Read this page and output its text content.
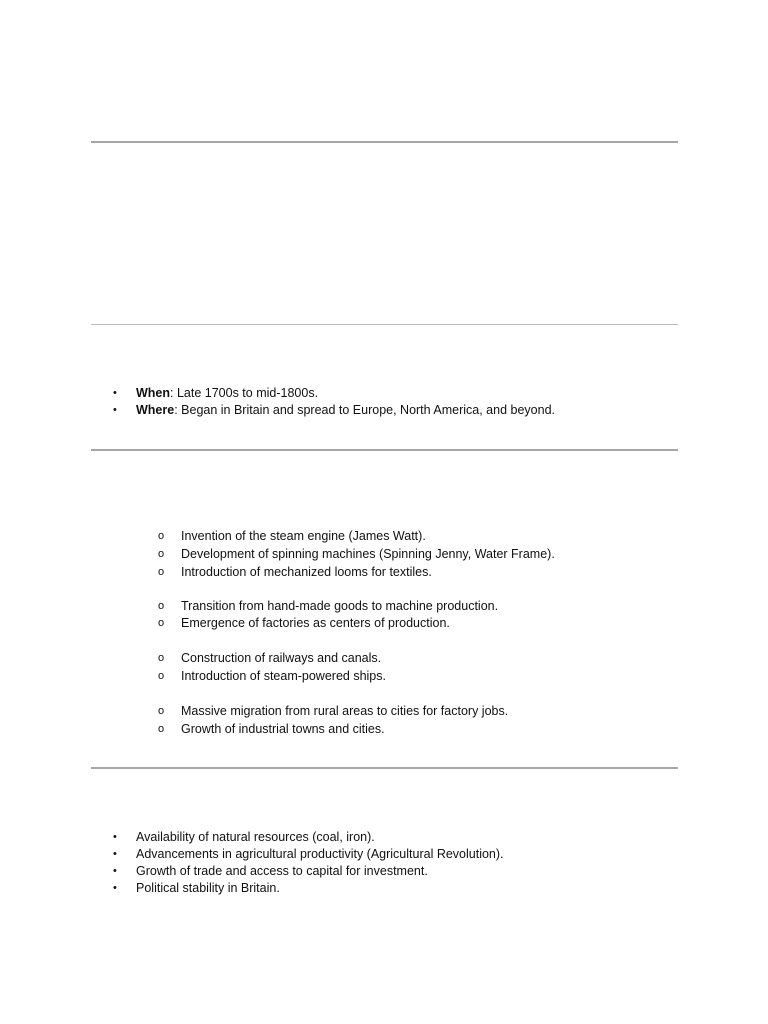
•	When: Late 1700s to mid-1800s.
•	Where: Began in Britain and spread to Europe, North America, and beyond.
o Invention of the steam engine (James Watt).
o Development of spinning machines (Spinning Jenny, Water Frame).
o Introduction of mechanized looms for textiles.
o Transition from hand-made goods to machine production.
o Emergence of factories as centers of production.
o Construction of railways and canals.
o Introduction of steam-powered ships.
o Massive migration from rural areas to cities for factory jobs.
o Growth of industrial towns and cities.
•	Availability of natural resources (coal, iron).
•	Advancements in agricultural productivity (Agricultural Revolution).
•	Growth of trade and access to capital for investment.
•	Political stability in Britain.
